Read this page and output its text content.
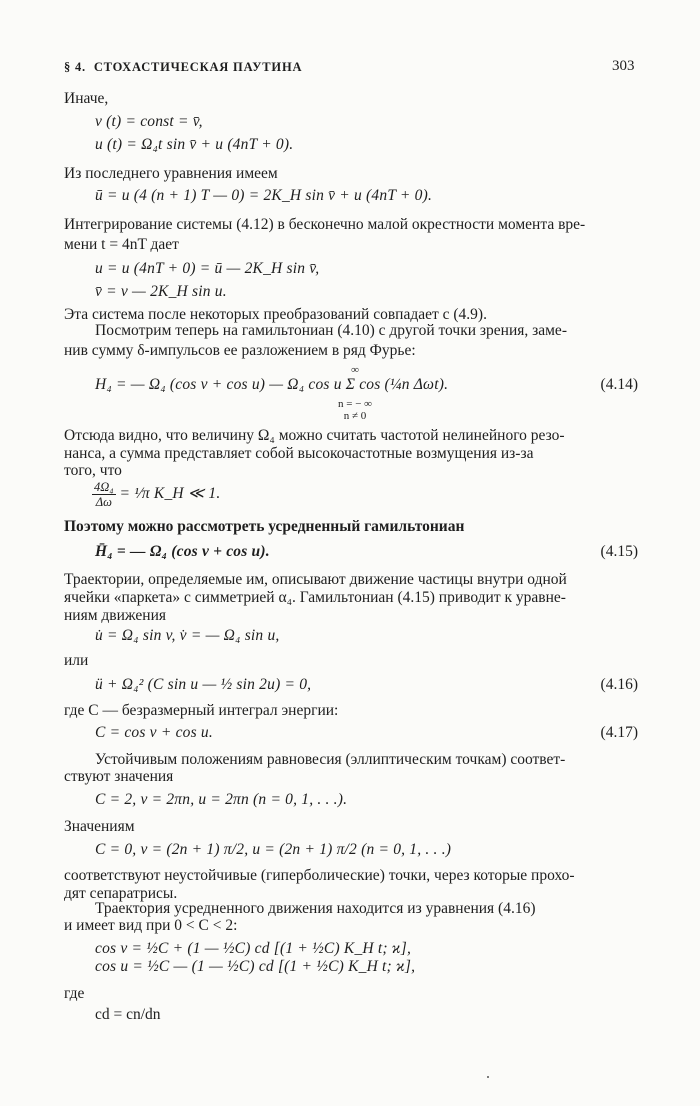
§ 4. СТОХАСТИЧЕСКАЯ ПАУТИНА	303
Иначе,
v (t) = const = v̄,
u (t) = Ω₄t sin v̄ + u (4nT + 0).
Из последнего уравнения имеем
ū = u (4 (n + 1) T — 0) = 2K_H sin v̄ + u (4nT + 0).
Интегрирование системы (4.12) в бесконечно малой окрестности момента вре-
мени t = 4nT дает
u = u (4nT + 0) = ū — 2K_H sin v̄,
v̄ = v — 2K_H sin u.
Эта система после некоторых преобразований совпадает с (4.9).
Посмотрим теперь на гамильтониан (4.10) с другой точки зрения, заме-
нив сумму δ-импульсов ее разложением в ряд Фурье:
H₄ = — Ω₄ (cos v + cos u) — Ω₄ cos u Σ cos (¼n Δωt).
∞
n = − ∞
n ≠ 0
(4.14)
Отсюда видно, что величину Ω₄ можно считать частотой нелинейного резо-
нанса, а сумма представляет собой высокочастотные возмущения из-за
того, что
$\frac{\text{4Ω₄}}{\Delta\omega}$ = ¹⁄π K_H ≪ 1.
Поэтому можно рассмотреть усредненный гамильтониан
H̄₄ = — Ω₄ (cos v + cos u).	(4.15)
Траектории, определяемые им, описывают движение частицы внутри одной
ячейки «паркета» с симметрией α₄. Гамильтониан (4.15) приводит к уравне-
ниям движения
u̇ = Ω₄ sin v, v̇ = — Ω₄ sin u,
или
ü + Ω₄² (C sin u — ½ sin 2u) = 0,	(4.16)
где C — безразмерный интеграл энергии:
C = cos v + cos u.	(4.17)
Устойчивым положениям равновесия (эллиптическим точкам) соответ-
ствуют значения
C = 2, v = 2πn, u = 2πn (n = 0, 1, . . .).
Значениям
C = 0, v = (2n + 1) π/2, u = (2n + 1) π/2 (n = 0, 1, . . .)
соответствуют неустойчивые (гиперболические) точки, через которые прохо-
дят сепаратрисы.
Траектория усредненного движения находится из уравнения (4.16)
и имеет вид при 0 < C < 2:
cos v = ½C + (1 — ½C) cd [(1 + ½C) K_H t; ϰ],
cos u = ½C — (1 — ½C) cd [(1 + ½C) K_H t; ϰ],
где
cd = cn/dn
